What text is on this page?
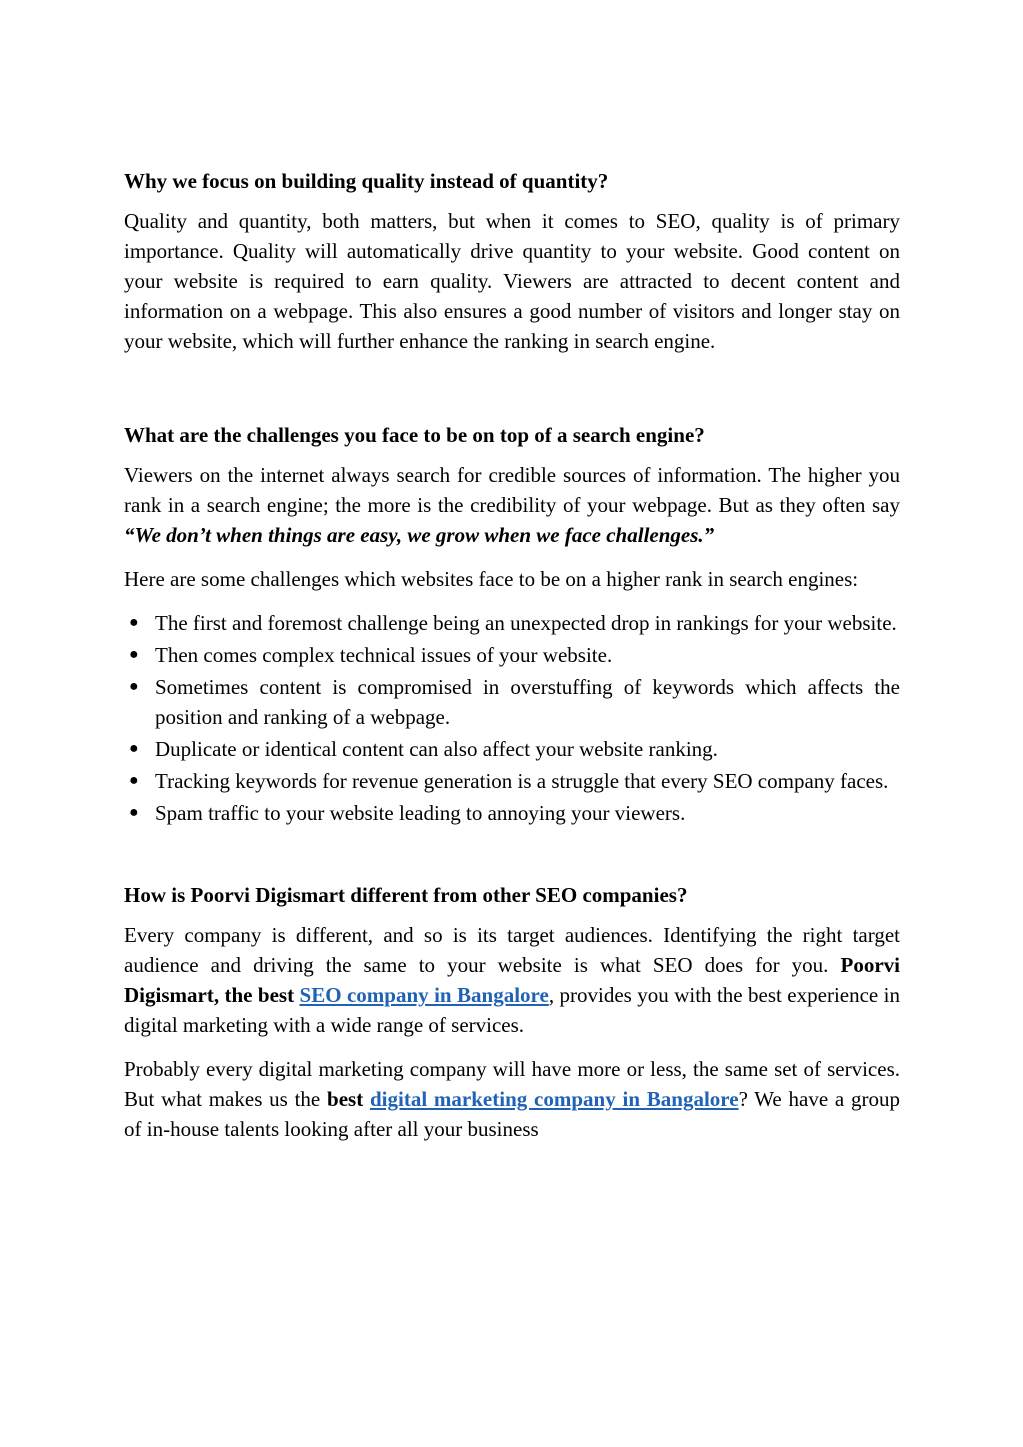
Why we focus on building quality instead of quantity?

Quality and quantity, both matters, but when it comes to SEO, quality is of primary importance. Quality will automatically drive quantity to your website. Good content on your website is required to earn quality. Viewers are attracted to decent content and information on a webpage. This also ensures a good number of visitors and longer stay on your website, which will further enhance the ranking in search engine.

What are the challenges you face to be on top of a search engine?

Viewers on the internet always search for credible sources of information. The higher you rank in a search engine; the more is the credibility of your webpage. But as they often say “We don’t when things are easy, we grow when we face challenges.”

Here are some challenges which websites face to be on a higher rank in search engines:

● The first and foremost challenge being an unexpected drop in rankings for your website.
● Then comes complex technical issues of your website.
● Sometimes content is compromised in overstuffing of keywords which affects the position and ranking of a webpage.
● Duplicate or identical content can also affect your website ranking.
● Tracking keywords for revenue generation is a struggle that every SEO company faces.
● Spam traffic to your website leading to annoying your viewers.
How is Poorvi Digismart different from other SEO companies?

Every company is different, and so is its target audiences. Identifying the right target audience and driving the same to your website is what SEO does for you. Poorvi Digismart, the best SEO company in Bangalore, provides you with the best experience in digital marketing with a wide range of services.

Probably every digital marketing company will have more or less, the same set of services. But what makes us the best digital marketing company in Bangalore? We have a group of in-house talents looking after all your business
